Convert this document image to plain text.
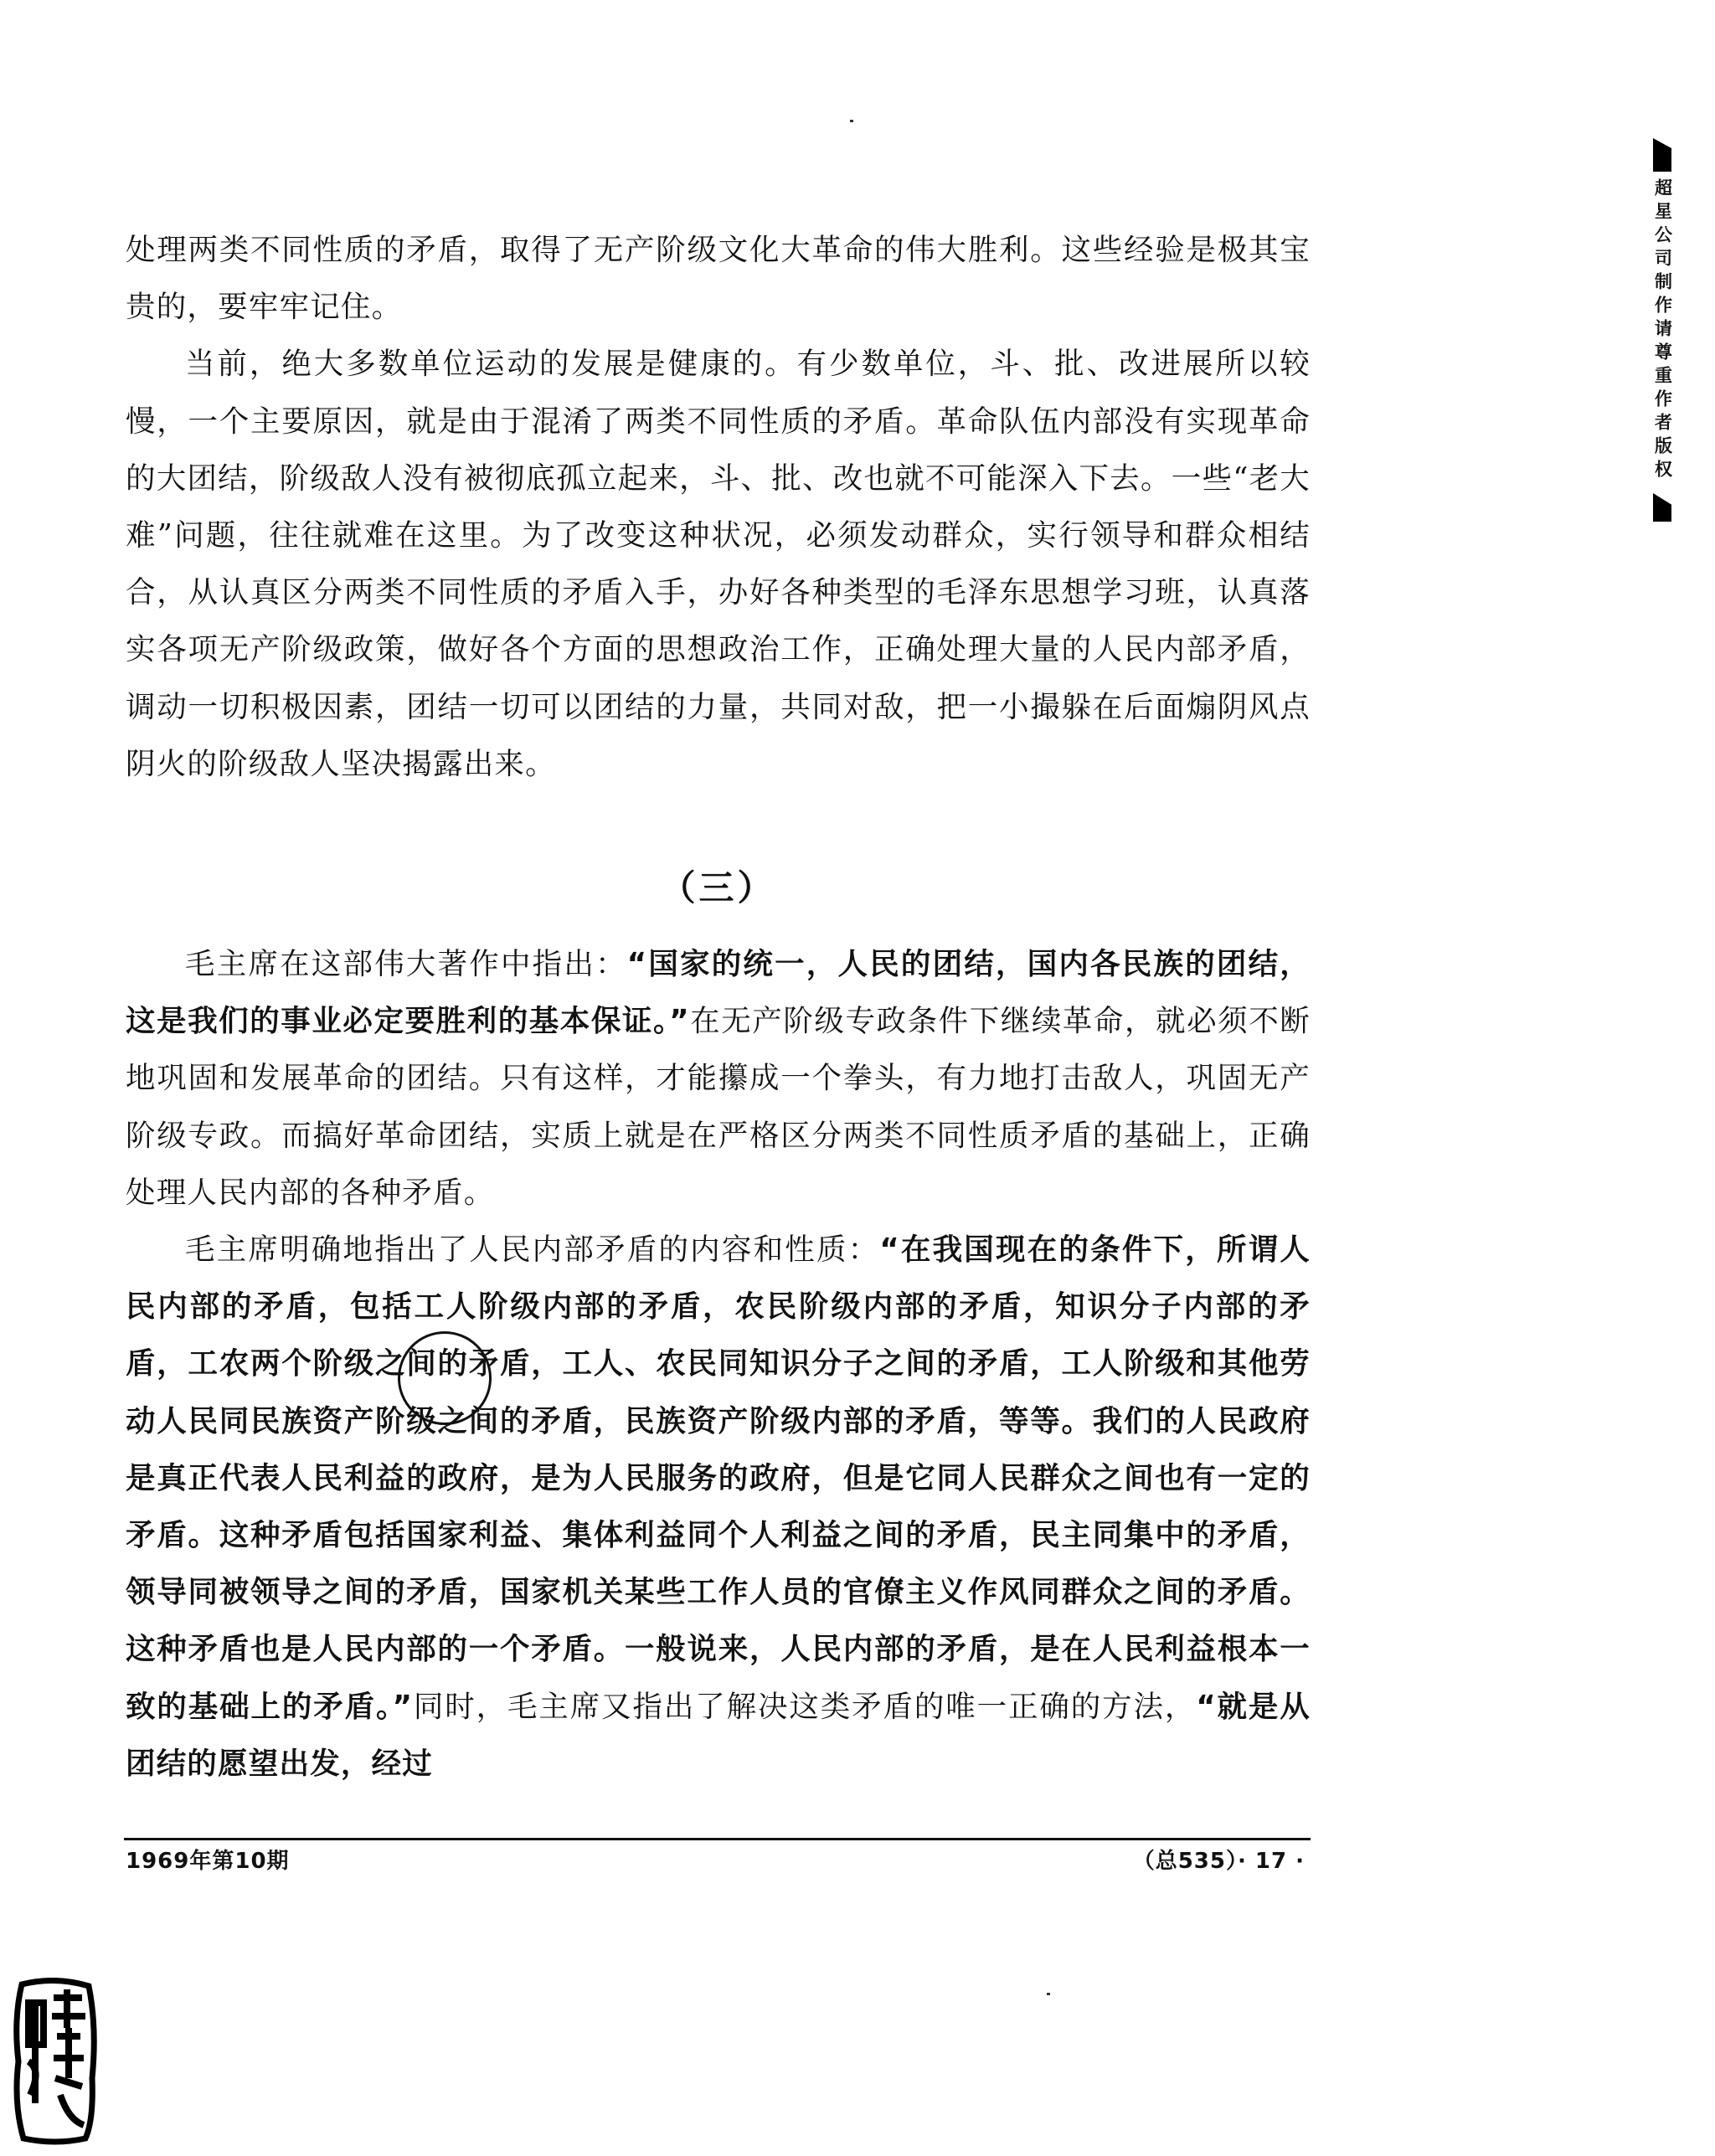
超星公司制作请尊重作者版权

处理两类不同性质的矛盾，取得了无产阶级文化大革命的伟大胜利。这些经验是极其宝贵的，要牢牢记住。

当前，绝大多数单位运动的发展是健康的。有少数单位，斗、批、改进展所以较慢，一个主要原因，就是由于混淆了两类不同性质的矛盾。革命队伍内部没有实现革命的大团结，阶级敌人没有被彻底孤立起来，斗、批、改也就不可能深入下去。一些“老大难”问题，往往就难在这里。为了改变这种状况，必须发动群众，实行领导和群众相结合，从认真区分两类不同性质的矛盾入手，办好各种类型的毛泽东思想学习班，认真落实各项无产阶级政策，做好各个方面的思想政治工作，正确处理大量的人民内部矛盾，调动一切积极因素，团结一切可以团结的力量，共同对敌，把一小撮躲在后面煽阴风点阴火的阶级敌人坚决揭露出来。

（三）

毛主席在这部伟大著作中指出：“国家的统一，人民的团结，国内各民族的团结，这是我们的事业必定要胜利的基本保证。”在无产阶级专政条件下继续革命，就必须不断地巩固和发展革命的团结。只有这样，才能攥成一个拳头，有力地打击敌人，巩固无产阶级专政。而搞好革命团结，实质上就是在严格区分两类不同性质矛盾的基础上，正确处理人民内部的各种矛盾。

毛主席明确地指出了人民内部矛盾的内容和性质：“在我国现在的条件下，所谓人民内部的矛盾，包括工人阶级内部的矛盾，农民阶级内部的矛盾，知识分子内部的矛盾，工农两个阶级之间的矛盾，工人、农民同知识分子之间的矛盾，工人阶级和其他劳动人民同民族资产阶级之间的矛盾，民族资产阶级内部的矛盾，等等。我们的人民政府是真正代表人民利益的政府，是为人民服务的政府，但是它同人民群众之间也有一定的矛盾。这种矛盾包括国家利益、集体利益同个人利益之间的矛盾，民主同集中的矛盾，领导同被领导之间的矛盾，国家机关某些工作人员的官僚主义作风同群众之间的矛盾。这种矛盾也是人民内部的一个矛盾。一般说来，人民内部的矛盾，是在人民利益根本一致的基础上的矛盾。”同时，毛主席又指出了解决这类矛盾的唯一正确的方法，“就是从团结的愿望出发，经过

1969年第10期	（总535）· 17 ·
